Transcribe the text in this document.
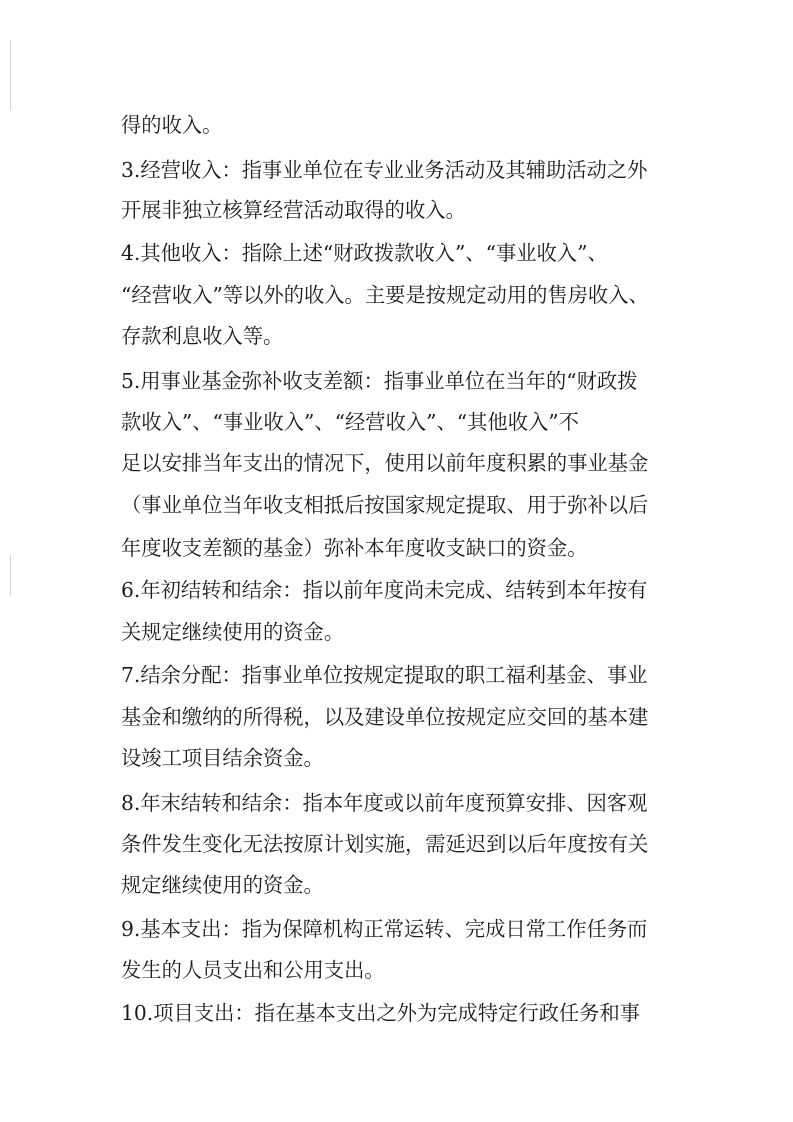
得的收入。

3.经营收入：指事业单位在专业业务活动及其辅助活动之外

开展非独立核算经营活动取得的收入。

4.其他收入：指除上述“财政拨款收入”、“事业收入”、

“经营收入”等以外的收入。主要是按规定动用的售房收入、

存款利息收入等。

5.用事业基金弥补收支差额：指事业单位在当年的“财政拨

款收入”、“事业收入”、“经营收入”、“其他收入”不

足以安排当年支出的情况下，使用以前年度积累的事业基金

（事业单位当年收支相抵后按国家规定提取、用于弥补以后

年度收支差额的基金）弥补本年度收支缺口的资金。

6.年初结转和结余：指以前年度尚未完成、结转到本年按有

关规定继续使用的资金。

7.结余分配：指事业单位按规定提取的职工福利基金、事业

基金和缴纳的所得税，以及建设单位按规定应交回的基本建

设竣工项目结余资金。

8.年末结转和结余：指本年度或以前年度预算安排、因客观

条件发生变化无法按原计划实施，需延迟到以后年度按有关

规定继续使用的资金。

9.基本支出：指为保障机构正常运转、完成日常工作任务而

发生的人员支出和公用支出。

10.项目支出：指在基本支出之外为完成特定行政任务和事
